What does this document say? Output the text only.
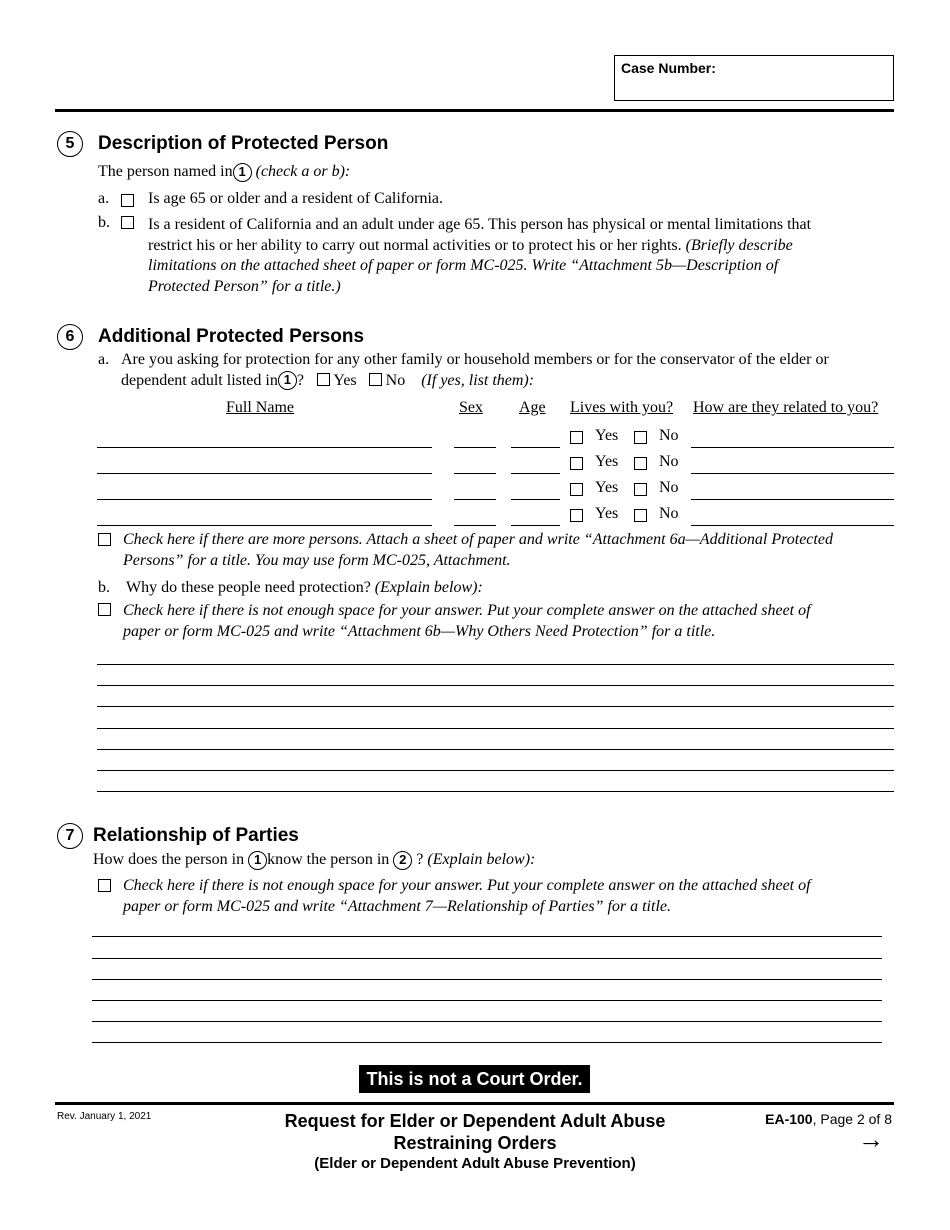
Case Number:
5	Description of Protected Person
The person named in 1 (check a or b):
a. Is age 65 or older and a resident of California.
b. Is a resident of California and an adult under age 65. This person has physical or mental limitations that
restrict his or her ability to carry out normal activities or to protect his or her rights. (Briefly describe
limitations on the attached sheet of paper or form MC-025. Write “Attachment 5b—Description of
Protected Person” for a title.)
6	Additional Protected Persons
a. Are you asking for protection for any other family or household members or for the conservator of the elder or
dependent adult listed in 1 ? Yes No (If yes, list them):
Full Name	Sex Age Lives with you? How are they related to you?
Yes	No
Yes	No
Yes	No
Yes	No
Check here if there are more persons. Attach a sheet of paper and write “Attachment 6a—Additional Protected
Persons” for a title. You may use form MC-025, Attachment.
b. Why do these people need protection? (Explain below):
Check here if there is not enough space for your answer. Put your complete answer on the attached sheet of
paper or form MC-025 and write “Attachment 6b—Why Others Need Protection” for a title.
7 Relationship of Parties
How does the person in 1 know the person in 2 ? (Explain below):
Check here if there is not enough space for your answer. Put your complete answer on the attached sheet of
paper or form MC-025 and write “Attachment 7—Relationship of Parties” for a title.
This is not a Court Order.
Rev. January 1, 2021	Request for Elder or Dependent Adult Abuse
Restraining Orders
(Elder or Dependent Adult Abuse Prevention)
EA-100, Page 2 of 8
→
